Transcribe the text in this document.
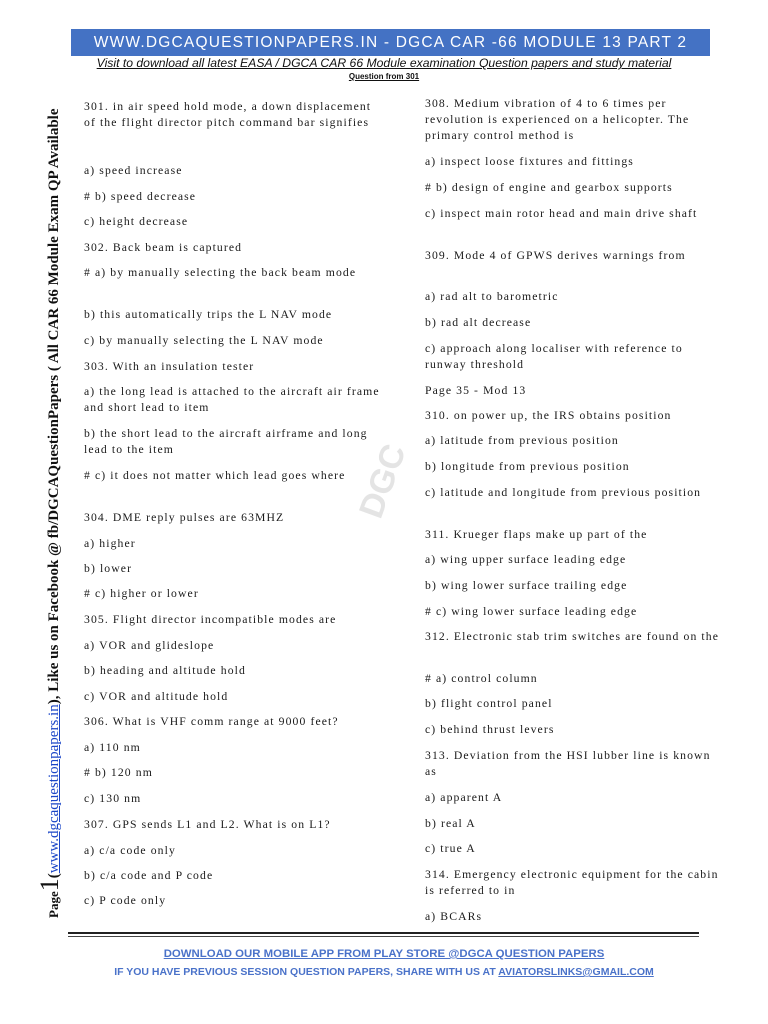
WWW.DGCAQUESTIONPAPERS.IN - DGCA CAR -66 MODULE 13 PART 2
Visit to download all latest EASA / DGCA CAR 66 Module examination Question papers and study material
Question from 301
Page1(www.dgcaquestionpapers.in), Like us on Facebook @ fb/DGCAQuestionPapers ( All CAR 66 Module Exam QP Available	DGC
301. in air speed hold mode, a down displacement of the flight director pitch command bar signifies
a) speed increase
# b) speed decrease
c) height decrease
302. Back beam is captured
# a) by manually selecting the back beam mode
b) this automatically trips the L NAV mode
c) by manually selecting the L NAV mode
303. With an insulation tester
a) the long lead is attached to the aircraft air frame and short lead to item
b) the short lead to the aircraft airframe and long lead to the item
# c) it does not matter which lead goes where
304. DME reply pulses are 63MHZ
a) higher
b) lower
# c) higher or lower
305. Flight director incompatible modes are
a) VOR and glideslope
b) heading and altitude hold
c) VOR and altitude hold
306. What is VHF comm range at 9000 feet?
a) 110 nm
# b) 120 nm
c) 130 nm
307. GPS sends L1 and L2. What is on L1?
a) c/a code only
b) c/a code and P code
c) P code only
308. Medium vibration of 4 to 6 times per revolution is experienced on a helicopter. The primary control method is
a) inspect loose fixtures and fittings
# b) design of engine and gearbox supports
c) inspect main rotor head and main drive shaft
309. Mode 4 of GPWS derives warnings from
a) rad alt to barometric
b) rad alt decrease
c) approach along localiser with reference to runway threshold
Page 35 - Mod 13
310. on power up, the IRS obtains position
a) latitude from previous position
b) longitude from previous position
c) latitude and longitude from previous position
311. Krueger flaps make up part of the
a) wing upper surface leading edge
b) wing lower surface trailing edge
# c) wing lower surface leading edge
312. Electronic stab trim switches are found on the
# a) control column
b) flight control panel
c) behind thrust levers
313. Deviation from the HSI lubber line is known as
a) apparent A
b) real A
c) true A
314. Emergency electronic equipment for the cabin is referred to in
a) BCARs
DOWNLOAD OUR MOBILE APP FROM PLAY STORE @DGCA QUESTION PAPERS
IF YOU HAVE PREVIOUS SESSION QUESTION PAPERS, SHARE WITH US AT AVIATORSLINKS@GMAIL.COM
